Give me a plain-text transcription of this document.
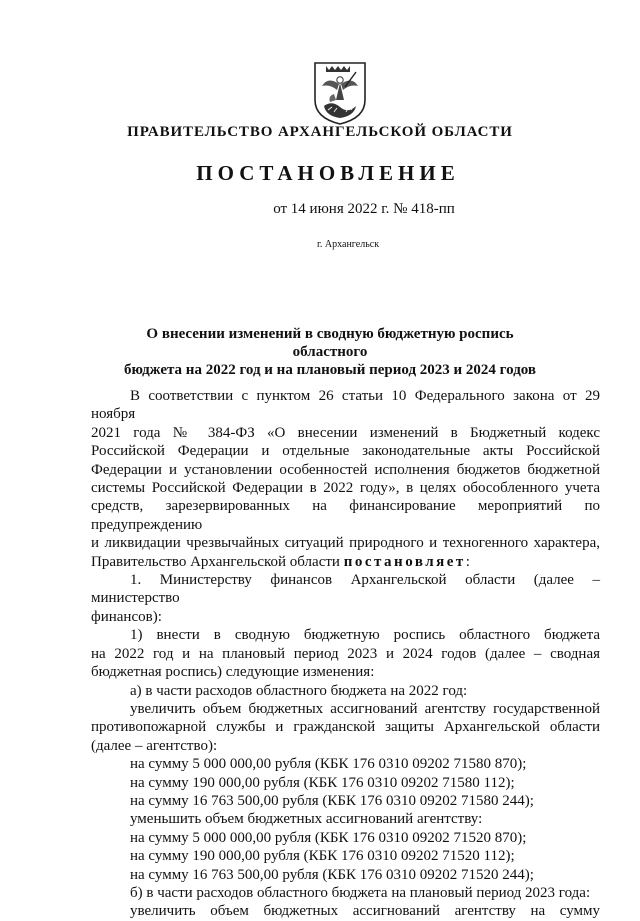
ПРАВИТЕЛЬСТВО АРХАНГЕЛЬСКОЙ ОБЛАСТИ
ПОСТАНОВЛЕНИЕ
от 14 июня 2022 г. № 418-пп
г. Архангельск
О внесении изменений в сводную бюджетную роспись областного
бюджета на 2022 год и на плановый период 2023 и 2024 годов

В соответствии с пунктом 26 статьи 10 Федерального закона от 29 ноября

2021 года № 384-ФЗ «О внесении изменений в Бюджетный кодекс

Российской Федерации и отдельные законодательные акты Российской

Федерации и установлении особенностей исполнения бюджетов бюджетной

системы Российской Федерации в 2022 году», в целях обособленного учета

средств, зарезервированных на финансирование мероприятий по предупреждению

и ликвидации чрезвычайных ситуаций природного и техногенного характера,

Правительство Архангельской области постановляет:

1. Министерству финансов Архангельской области (далее – министерство

финансов):

1) внести в сводную бюджетную роспись областного бюджета

на 2022 год и на плановый период 2023 и 2024 годов (далее – сводная

бюджетная роспись) следующие изменения:

а) в части расходов областного бюджета на 2022 год:

увеличить объем бюджетных ассигнований агентству государственной

противопожарной службы и гражданской защиты Архангельской области

(далее – агентство):

на сумму 5 000 000,00 рубля (КБК 176 0310 09202 71580 870);

на сумму 190 000,00 рубля (КБК 176 0310 09202 71580 112);

на сумму 16 763 500,00 рубля (КБК 176 0310 09202 71580 244);

уменьшить объем бюджетных ассигнований агентству:

на сумму 5 000 000,00 рубля (КБК 176 0310 09202 71520 870);

на сумму 190 000,00 рубля (КБК 176 0310 09202 71520 112);

на сумму 16 763 500,00 рубля (КБК 176 0310 09202 71520 244);

б) в части расходов областного бюджета на плановый период 2023 года:

увеличить объем бюджетных ассигнований агентству на сумму
